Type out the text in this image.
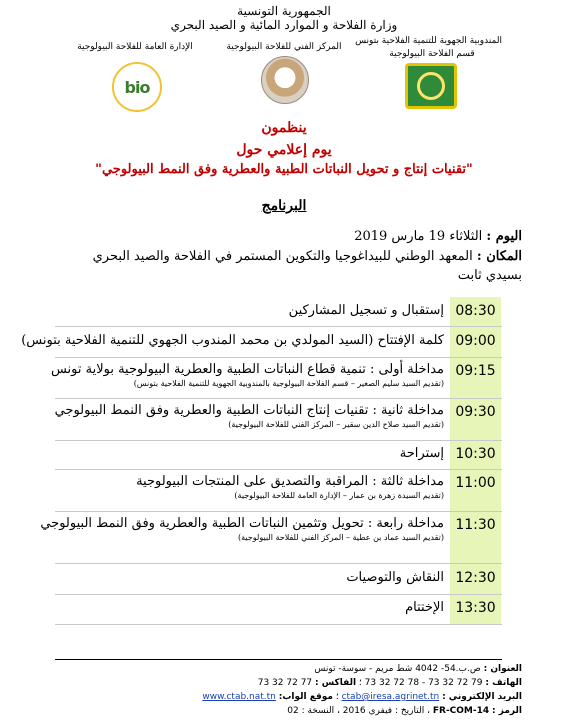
الجمهورية التونسية
وزارة الفلاحة و الموارد المائية و الصيد البحري
المندوبية الجهوية للتنمية الفلاحية بتونس
قسم الفلاحة البيولوجية
المركز الفني للفلاحة البيولوجية
الإدارة العامة للفلاحة البيولوجية
bio
ينظمون
يوم إعلامي حول
"تقنيات إنتاج و تحويل النباتات الطبية والعطرية وفق النمط البيولوجي"
البرنامج
اليوم : الثلاثاء 19 مارس 2019
المكان : المعهد الوطني للبيداغوجيا والتكوين المستمر في الفلاحة والصيد البحري
بسيدي ثابت
08:30
إستقبال و تسجيل المشاركين
09:00
كلمة الإفتتاح (السيد المولدي بن محمد المندوب الجهوي للتنمية الفلاحية بتونس)
09:15
مداخلة أولى : تنمية قطاع النباتات الطبية والعطرية البيولوجية بولاية تونس
(تقديم السيد سليم الصغير – قسم الفلاحة البيولوجية بالمندوبية الجهوية للتنمية الفلاحية بتونس)
09:30
مداخلة ثانية : تقنيات إنتاج النباتات الطبية والعطرية وفق النمط البيولوجي
(تقديم السيد صلاح الدين سقير – المركز الفني للفلاحة البيولوجية)
10:30
إستراحة
11:00
مداخلة ثالثة : المراقبة والتصديق على المنتجات البيولوجية
(تقديم السيدة زهرة بن عمار – الإدارة العامة للفلاحة البيولوجية)
11:30
مداخلة رابعة : تحويل وتثمين النباتات الطبية والعطرية وفق النمط البيولوجي
(تقديم السيد عماد بن عطية – المركز الفني للفلاحة البيولوجية)
12:30
النقاش والتوصيات
13:30
الإختتام
العنوان : ص.ب.54- 4042 شط مريم - سوسة- تونس
الهاتف : 79 72 32 73 - 78 72 32 73 ؛ الفاكس : 77 72 32 73
البريد الإلكتروني : ctab@iresa.agrinet.tn ؛ موقع الواب: www.ctab.nat.tn
الرمز : FR-COM-14 ، التاريخ : فيفري 2016 ، النسخة : 02
